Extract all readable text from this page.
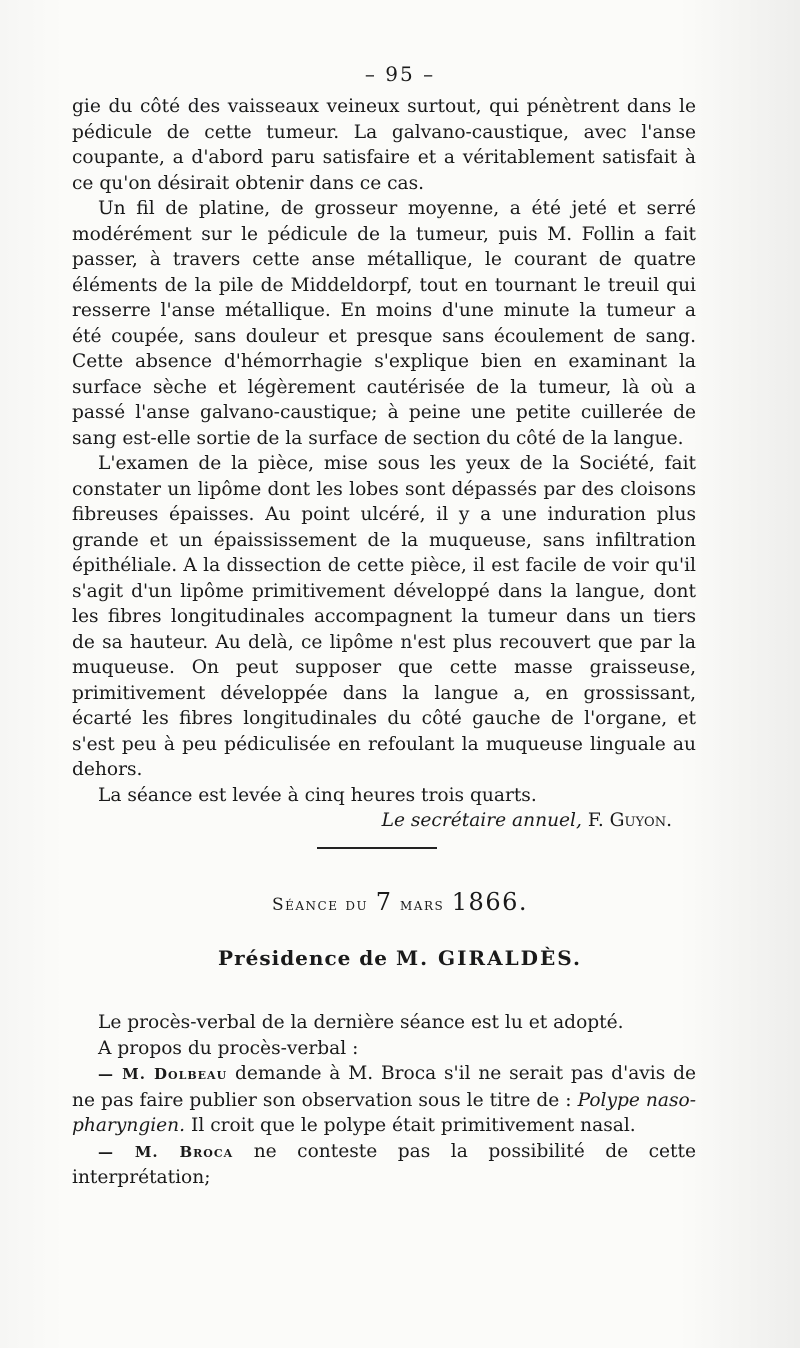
– 95 –

gie du côté des vaisseaux veineux surtout, qui pénètrent dans le pédicule de cette tumeur. La galvano-caustique, avec l'anse coupante, a d'abord paru satisfaire et a véritablement satisfait à ce qu'on désirait obtenir dans ce cas.

Un fil de platine, de grosseur moyenne, a été jeté et serré modérément sur le pédicule de la tumeur, puis M. Follin a fait passer, à travers cette anse métallique, le courant de quatre éléments de la pile de Middeldorpf, tout en tournant le treuil qui resserre l'anse métallique. En moins d'une minute la tumeur a été coupée, sans douleur et presque sans écoulement de sang. Cette absence d'hémorrhagie s'explique bien en examinant la surface sèche et légèrement cautérisée de la tumeur, là où a passé l'anse galvano-caustique; à peine une petite cuillerée de sang est-elle sortie de la surface de section du côté de la langue.

L'examen de la pièce, mise sous les yeux de la Société, fait constater un lipôme dont les lobes sont dépassés par des cloisons fibreuses épaisses. Au point ulcéré, il y a une induration plus grande et un épaississement de la muqueuse, sans infiltration épithéliale. A la dissection de cette pièce, il est facile de voir qu'il s'agit d'un lipôme primitivement développé dans la langue, dont les fibres longitudinales accompagnent la tumeur dans un tiers de sa hauteur. Au delà, ce lipôme n'est plus recouvert que par la muqueuse. On peut supposer que cette masse graisseuse, primitivement développée dans la langue a, en grossissant, écarté les fibres longitudinales du côté gauche de l'organe, et s'est peu à peu pédiculisée en refoulant la muqueuse linguale au dehors.

La séance est levée à cinq heures trois quarts.

Le secrétaire annuel, F. Guyon.

Séance du 7 mars 1866.
Présidence de M. GIRALDÈS.

Le procès-verbal de la dernière séance est lu et adopté.

A propos du procès-verbal :

— M. Dolbeau demande à M. Broca s'il ne serait pas d'avis de ne pas faire publier son observation sous le titre de : Polype naso-pharyngien. Il croit que le polype était primitivement nasal.

— M. Broca ne conteste pas la possibilité de cette interprétation;
